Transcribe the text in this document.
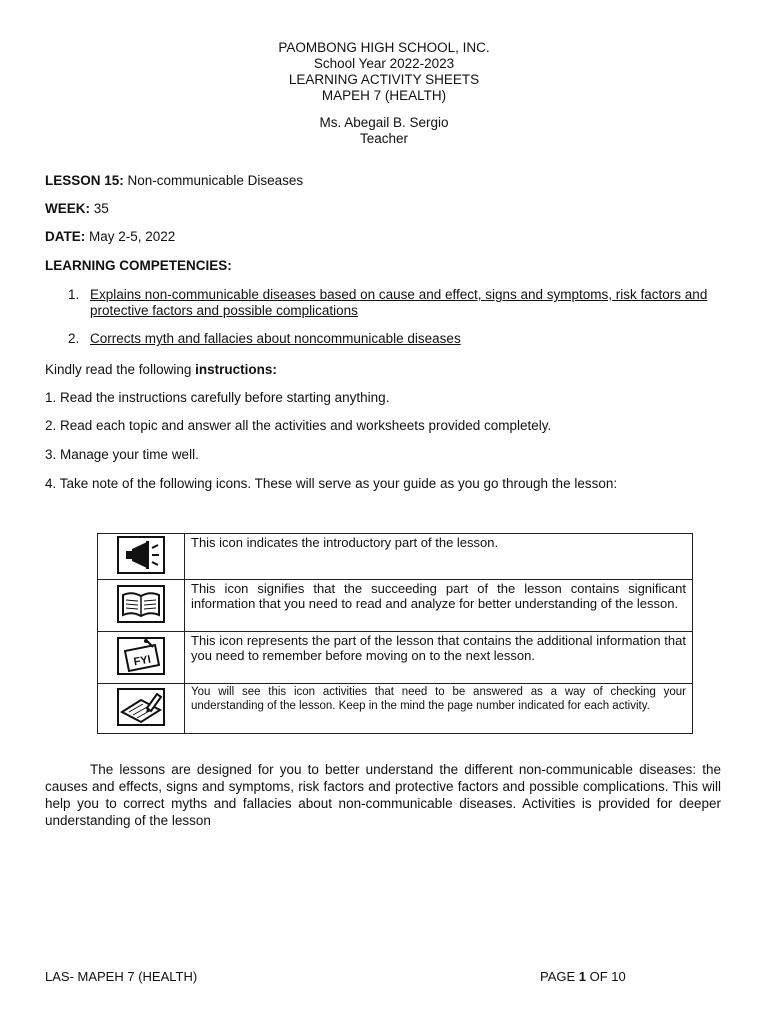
PAOMBONG HIGH SCHOOL, INC.
School Year 2022-2023
LEARNING ACTIVITY SHEETS
MAPEH 7 (HEALTH)
Ms. Abegail B. Sergio
Teacher
LESSON 15: Non-communicable Diseases
WEEK: 35
DATE: May 2-5, 2022
LEARNING COMPETENCIES:
1. Explains non-communicable diseases based on cause and effect, signs and symptoms, risk factors and protective factors and possible complications
2. Corrects myth and fallacies about noncommunicable diseases
Kindly read the following instructions:
1. Read the instructions carefully before starting anything.
2. Read each topic and answer all the activities and worksheets provided completely.
3. Manage your time well.
4. Take note of the following icons. These will serve as your guide as you go through the lesson:
	This icon indicates the introductory part of the lesson.
	This icon signifies that the succeeding part of the lesson contains significant information that you need to read and analyze for better understanding of the lesson.

FYI	This icon represents the part of the lesson that contains the additional information that you need to remember before moving on to the next lesson.
	You will see this icon activities that need to be answered as a way of checking your understanding of the lesson. Keep in the mind the page number indicated for each activity.
The lessons are designed for you to better understand the different non-communicable diseases: the causes and effects, signs and symptoms, risk factors and protective factors and possible complications. This will help you to correct myths and fallacies about non-communicable diseases. Activities is provided for deeper understanding of the lesson
LAS- MAPEH 7 (HEALTH)	PAGE 1 OF 10
